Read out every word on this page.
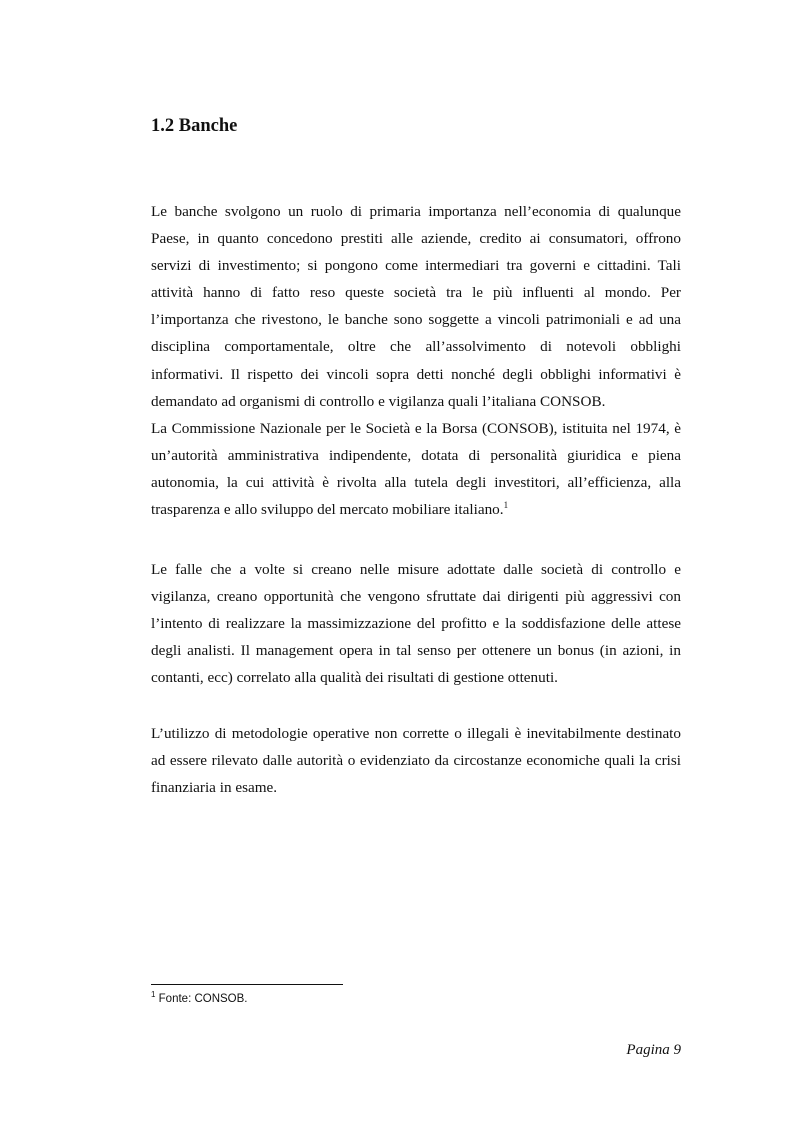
1.2 Banche

Le banche svolgono un ruolo di primaria importanza nell’economia di qualunque Paese, in quanto concedono prestiti alle aziende, credito ai consumatori, offrono servizi di investimento; si pongono come intermediari tra governi e cittadini. Tali attività hanno di fatto reso queste società tra le più influenti al mondo. Per l’importanza che rivestono, le banche sono soggette a vincoli patrimoniali e ad una disciplina comportamentale, oltre che all’assolvimento di notevoli obblighi informativi. Il rispetto dei vincoli sopra detti nonché degli obblighi informativi è demandato ad organismi di controllo e vigilanza quali l’italiana CONSOB.

La Commissione Nazionale per le Società e la Borsa (CONSOB), istituita nel 1974, è un’autorità amministrativa indipendente, dotata di personalità giuridica e piena autonomia, la cui attività è rivolta alla tutela degli investitori, all’efficienza, alla trasparenza e allo sviluppo del mercato mobiliare italiano.$^1$

Le falle che a volte si creano nelle misure adottate dalle società di controllo e vigilanza, creano opportunità che vengono sfruttate dai dirigenti più aggressivi con l’intento di realizzare la massimizzazione del profitto e la soddisfazione delle attese degli analisti. Il management opera in tal senso per ottenere un bonus (in azioni, in contanti, ecc) correlato alla qualità dei risultati di gestione ottenuti.

L’utilizzo di metodologie operative non corrette o illegali è inevitabilmente destinato ad essere rilevato dalle autorità o evidenziato da circostanze economiche quali la crisi finanziaria in esame.

$^1$ Fonte: CONSOB.

Pagina 9
